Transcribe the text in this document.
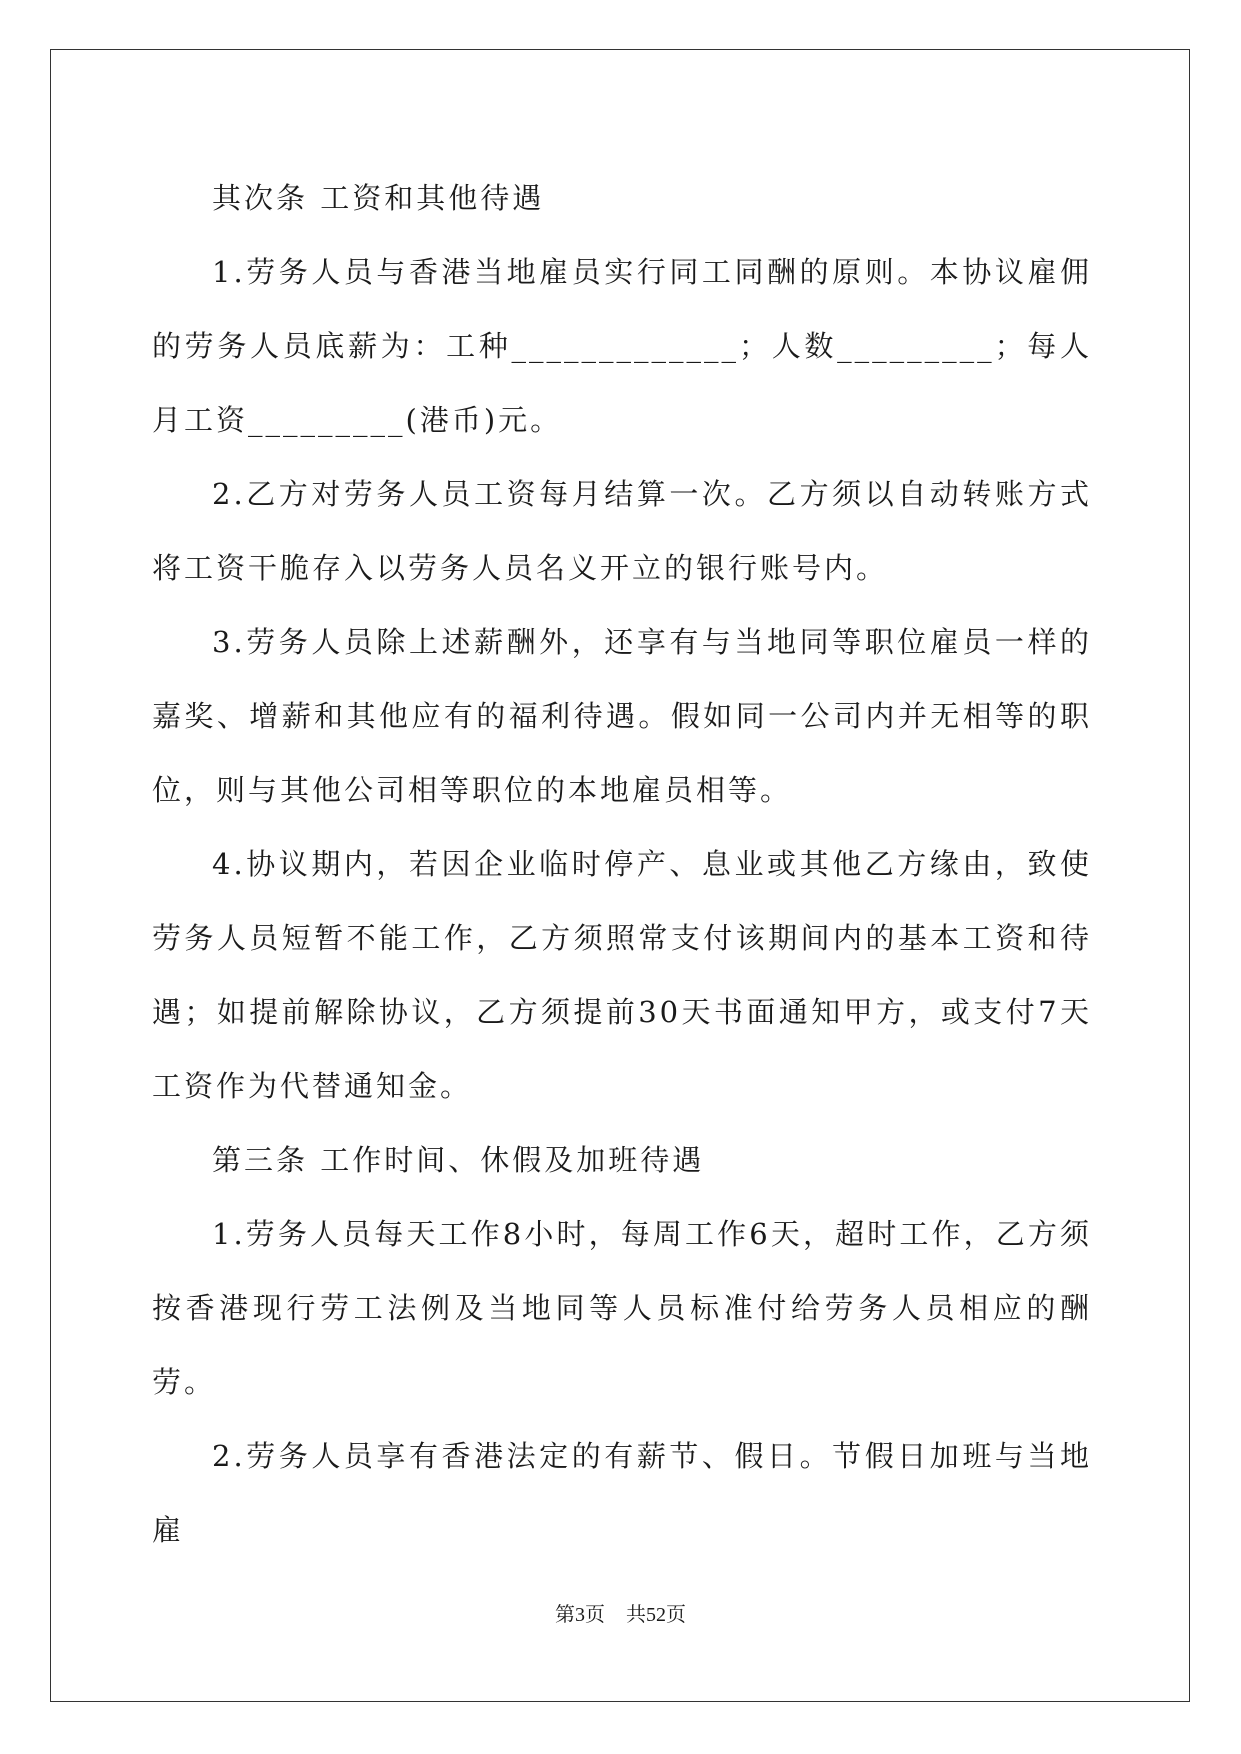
其次条 工资和其他待遇

1.劳务人员与香港当地雇员实行同工同酬的原则。本协议雇佣的劳务人员底薪为：工种_____________；人数_________；每人月工资_________(港币)元。

2.乙方对劳务人员工资每月结算一次。乙方须以自动转账方式将工资干脆存入以劳务人员名义开立的银行账号内。

3.劳务人员除上述薪酬外，还享有与当地同等职位雇员一样的嘉奖、增薪和其他应有的福利待遇。假如同一公司内并无相等的职位，则与其他公司相等职位的本地雇员相等。

4.协议期内，若因企业临时停产、息业或其他乙方缘由，致使劳务人员短暂不能工作，乙方须照常支付该期间内的基本工资和待遇；如提前解除协议，乙方须提前30天书面通知甲方，或支付7天工资作为代替通知金。

第三条 工作时间、休假及加班待遇

1.劳务人员每天工作8小时，每周工作6天，超时工作，乙方须按香港现行劳工法例及当地同等人员标准付给劳务人员相应的酬劳。

2.劳务人员享有香港法定的有薪节、假日。节假日加班与当地雇

第3页 共52页
